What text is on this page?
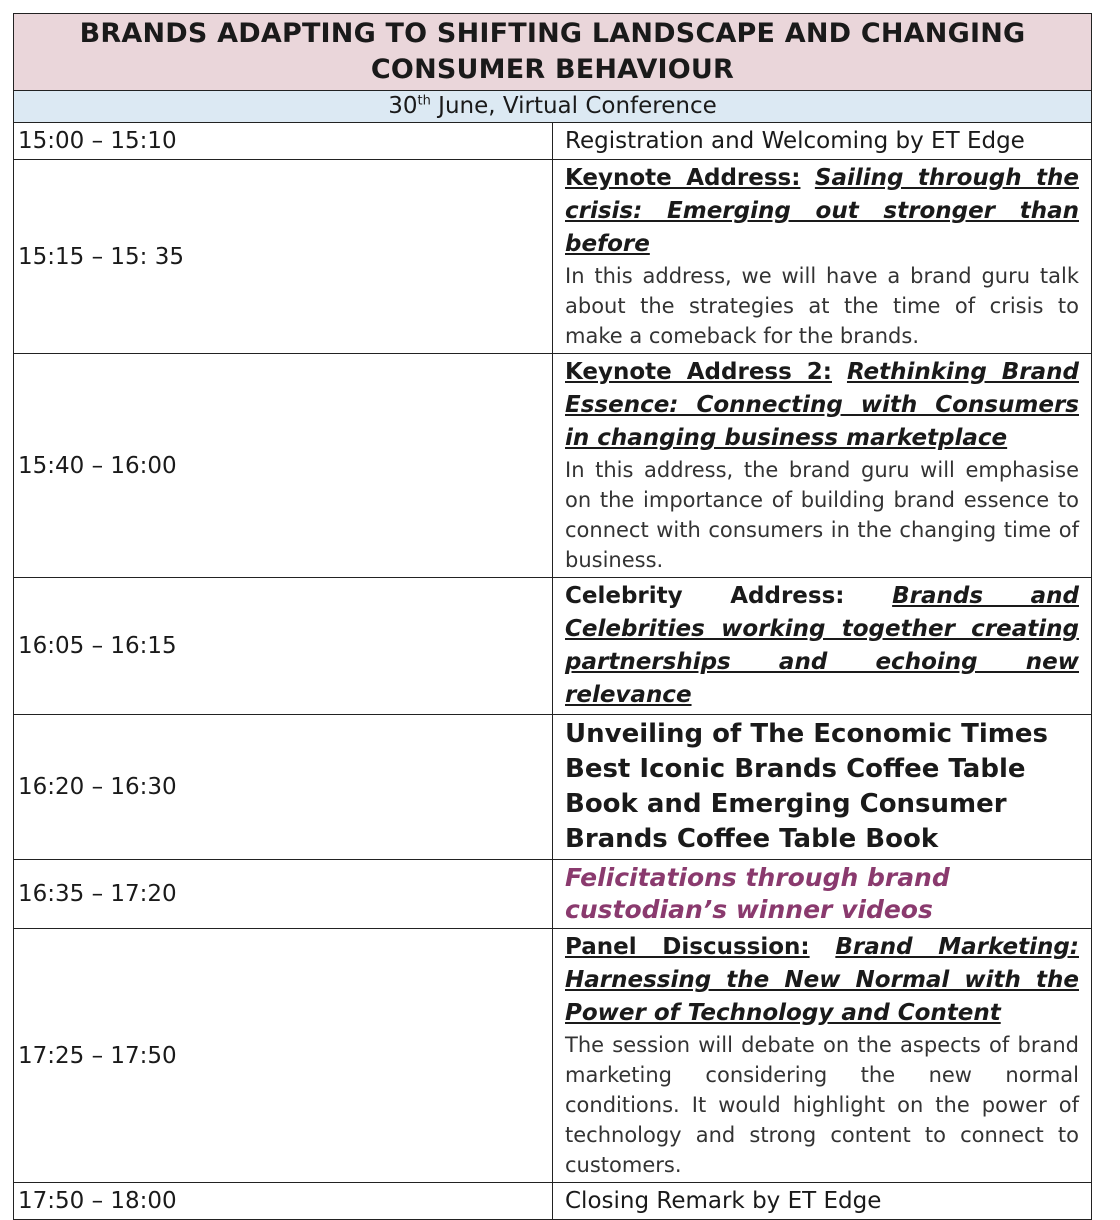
BRANDS ADAPTING TO SHIFTING LANDSCAPE AND CHANGING
CONSUMER BEHAVIOUR	

30th June, Virtual Conference	
15:00 – 15:10	Registration and Welcoming by ET Edge
15:15 – 15: 35	Keynote Address: Sailing through the crisis: Emerging out stronger than before
In this address, we will have a brand guru talk about the strategies at the time of crisis to make a comeback for the brands.

15:40 – 16:00	Keynote Address 2: Rethinking Brand Essence: Connecting with Consumers in changing business marketplace
In this address, the brand guru will emphasise on the importance of building brand essence to connect with consumers in the changing time of business.

16:05 – 16:15	Celebrity Address: Brands and Celebrities working together creating partnerships and echoing new relevance

16:20 – 16:30	Unveiling of The Economic Times Best Iconic Brands Coffee Table Book and Emerging Consumer Brands Coffee Table Book
16:35 – 17:20	Felicitations through brand custodian’s winner videos
17:25 – 17:50	Panel Discussion: Brand Marketing: Harnessing the New Normal with the Power of Technology and Content
The session will debate on the aspects of brand marketing considering the new normal conditions. It would highlight on the power of technology and strong content to connect to customers.

17:50 – 18:00	Closing Remark by ET Edge
